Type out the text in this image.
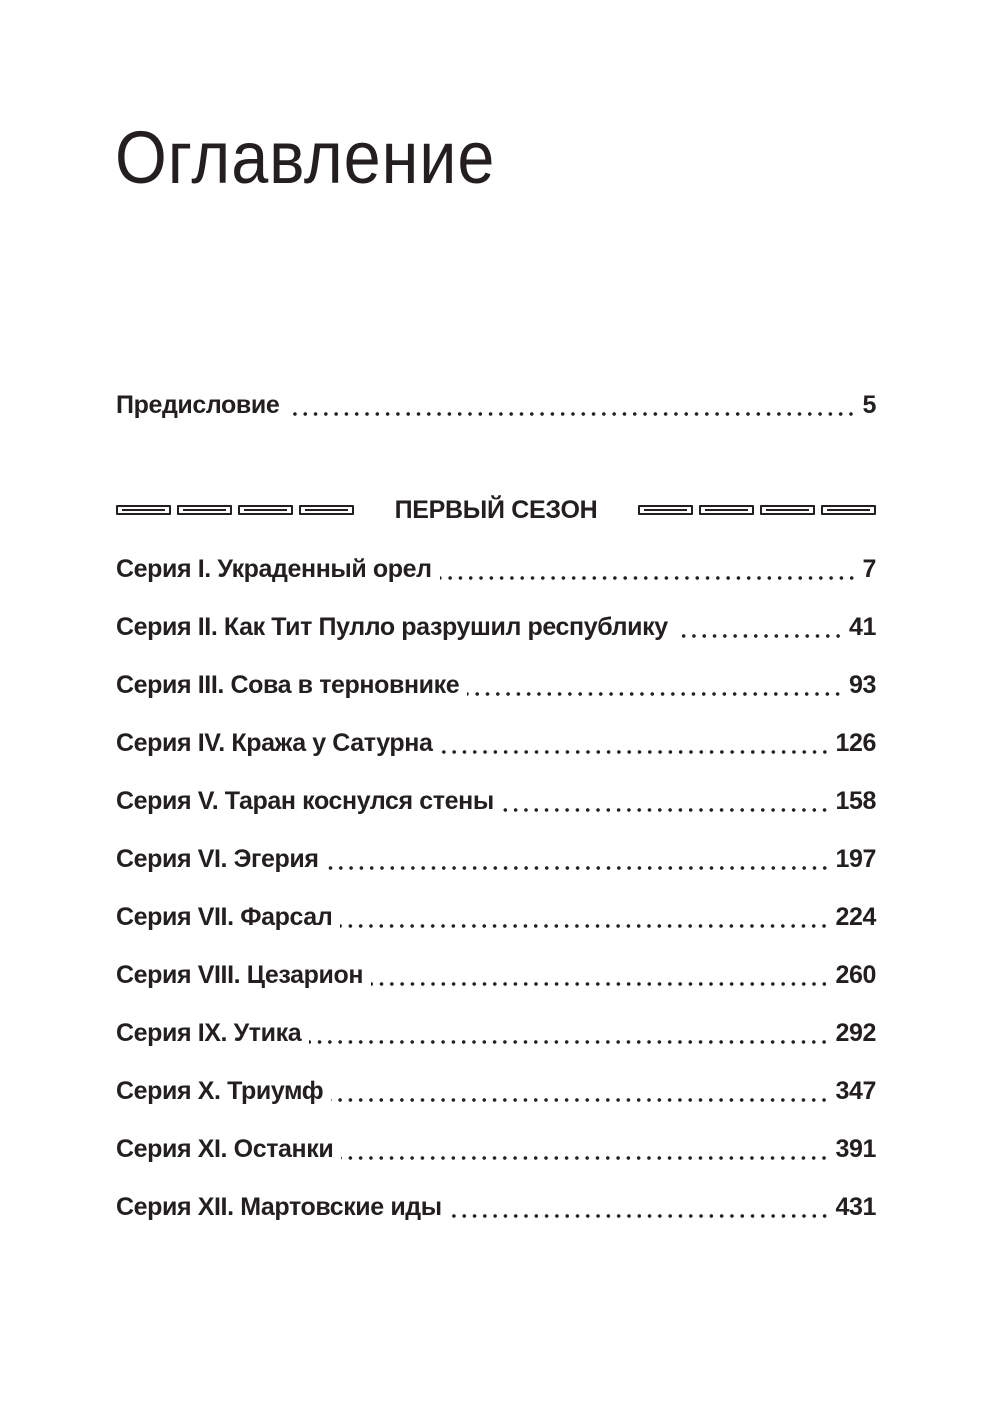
Оглавление
Предисловие	5
ПЕРВЫЙ СЕЗОН
Серия I. Украденный орел	7
Серия II. Как Тит Пулло разрушил республику	41
Серия III. Сова в терновнике	93
Серия IV. Кража у Сатурна	126
Серия V. Таран коснулся стены	158
Серия VI. Эгерия	197
Серия VII. Фарсал	224
Серия VIII. Цезарион	260
Серия IX. Утика	292
Серия X. Триумф	347
Серия XI. Останки	391
Серия XII. Мартовские иды	431
